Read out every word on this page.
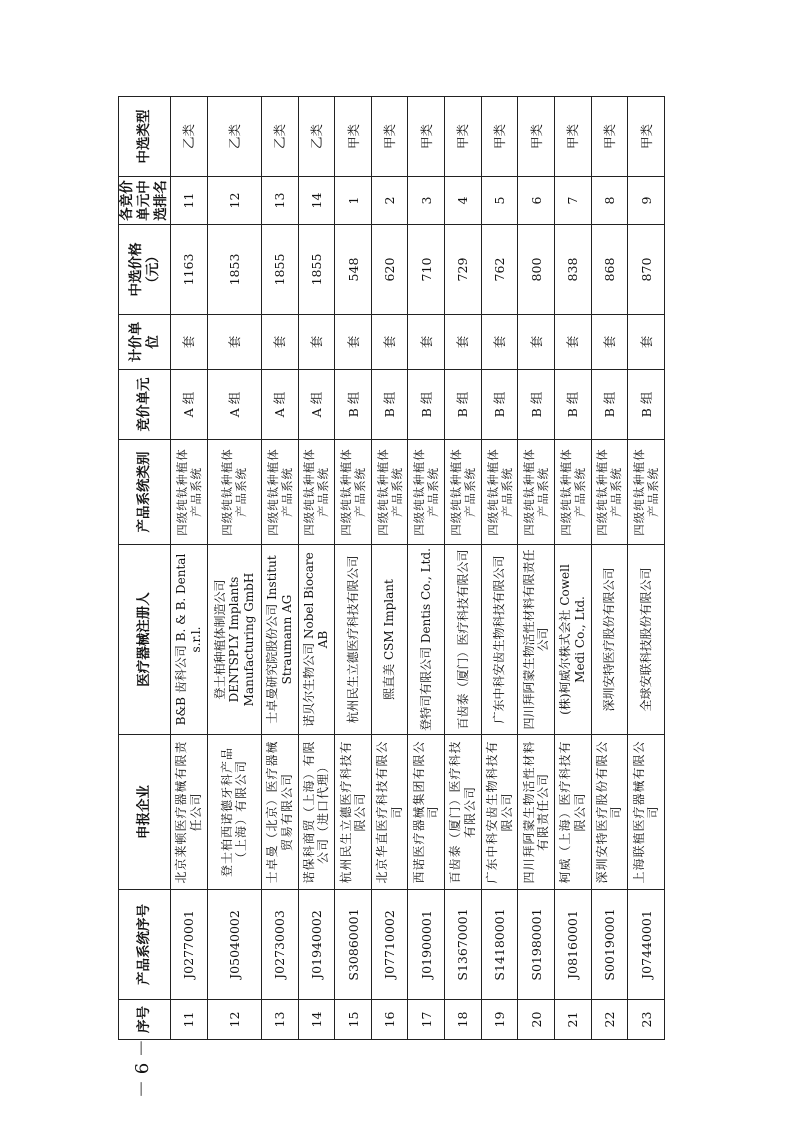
序号	产品系统序号	申报企业	医疗器械注册人	产品系统类别	竞价单元	计价单位	中选价格（元）	各竞价单元中选排名	中选类型
11	J02770001	北京莱顿医疗器械有限责任公司	B&B 齿科公司 B. & B. Dental s.r.l.	四级纯钛种植体产品系统	A 组	套	1163	11	乙类
12	J05040002	登士柏西诺德牙科产品（上海）有限公司	登士柏种植体制造公司 DENTSPLY Implants Manufacturing GmbH	四级纯钛种植体产品系统	A 组	套	1853	12	乙类
13	J02730003	士卓曼（北京）医疗器械贸易有限公司	士卓曼研究院股份公司 Institut Straumann AG	四级纯钛种植体产品系统	A 组	套	1855	13	乙类
14	J01940002	诺保科商贸（上海）有限公司（进口代理）	诺贝尔生物公司 Nobel Biocare AB	四级纯钛种植体产品系统	A 组	套	1855	14	乙类
15	S30860001	杭州民生立德医疗科技有限公司	杭州民生立德医疗科技有限公司	四级纯钛种植体产品系统	B 组	套	548	1	甲类
16	J07710002	北京华直医疗科技有限公司	熙直美 CSM Implant	四级纯钛种植体产品系统	B 组	套	620	2	甲类
17	J01900001	西诺医疗器械集团有限公司	登特司有限公司 Dentis Co., Ltd.	四级纯钛种植体产品系统	B 组	套	710	3	甲类
18	S13670001	百齿泰（厦门）医疗科技有限公司	百齿泰（厦门）医疗科技有限公司	四级纯钛种植体产品系统	B 组	套	729	4	甲类
19	S14180001	广东中科安齿生物科技有限公司	广东中科安齿生物科技有限公司	四级纯钛种植体产品系统	B 组	套	762	5	甲类
20	S01980001	四川拜阿蒙生物活性材料有限责任公司	四川拜阿蒙生物活性材料有限责任公司	四级纯钛种植体产品系统	B 组	套	800	6	甲类
21	J08160001	柯威（上海）医疗科技有限公司	(株)柯威尔株式会社 Cowell Medi Co., Ltd.	四级纯钛种植体产品系统	B 组	套	838	7	甲类
22	S00190001	深圳安特医疗股份有限公司	深圳安特医疗股份有限公司	四级纯钛种植体产品系统	B 组	套	868	8	甲类
23	J07440001	上海联植医疗器械有限公司	全球安联科技股份有限公司	四级纯钛种植体产品系统	B 组	套	870	9	甲类
－ 6 －
